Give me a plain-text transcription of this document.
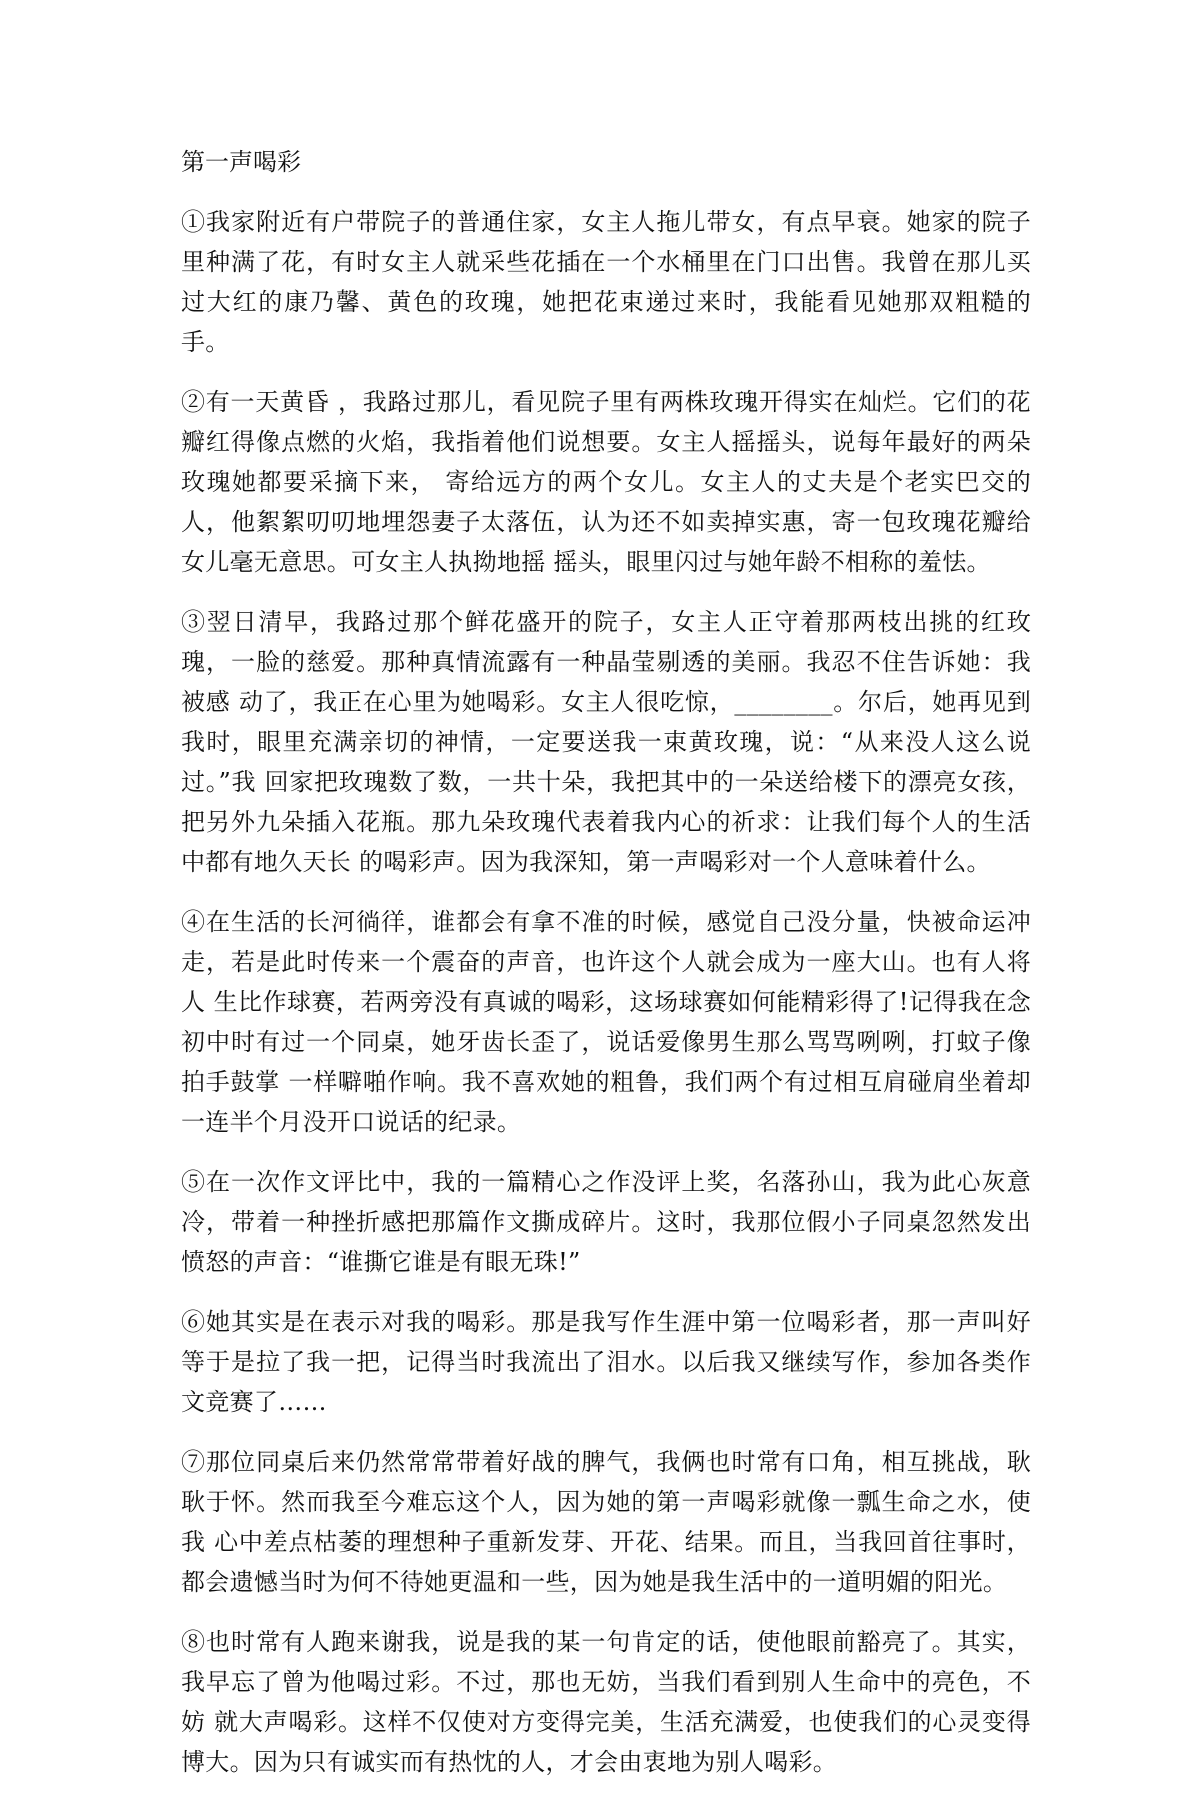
第一声喝彩

①我家附近有户带院子的普通住家，女主人拖儿带女，有点早衰。她家的院子里种满了花，有时女主人就采些花插在一个水桶里在门口出售。我曾在那儿买过大红的康乃馨、黄色的玫瑰，她把花束递过来时，我能看见她那双粗糙的手。

②有一天黄昏 ，我路过那儿，看见院子里有两株玫瑰开得实在灿烂。它们的花瓣红得像点燃的火焰，我指着他们说想要。女主人摇摇头，说每年最好的两朵玫瑰她都要采摘下来， 寄给远方的两个女儿。女主人的丈夫是个老实巴交的人，他絮絮叨叨地埋怨妻子太落伍，认为还不如卖掉实惠，寄一包玫瑰花瓣给女儿毫无意思。可女主人执拗地摇 摇头，眼里闪过与她年龄不相称的羞怯。

③翌日清早，我路过那个鲜花盛开的院子，女主人正守着那两枝出挑的红玫瑰，一脸的慈爱。那种真情流露有一种晶莹剔透的美丽。我忍不住告诉她：我被感 动了，我正在心里为她喝彩。女主人很吃惊，________。尔后，她再见到我时，眼里充满亲切的神情，一定要送我一束黄玫瑰，说：“从来没人这么说过。”我 回家把玫瑰数了数，一共十朵，我把其中的一朵送给楼下的漂亮女孩，把另外九朵插入花瓶。那九朵玫瑰代表着我内心的祈求：让我们每个人的生活中都有地久天长 的喝彩声。因为我深知，第一声喝彩对一个人意味着什么。

④在生活的长河徜徉，谁都会有拿不准的时候，感觉自己没分量，快被命运冲走，若是此时传来一个震奋的声音，也许这个人就会成为一座大山。也有人将人 生比作球赛，若两旁没有真诚的喝彩，这场球赛如何能精彩得了!记得我在念初中时有过一个同桌，她牙齿长歪了，说话爱像男生那么骂骂咧咧，打蚊子像拍手鼓掌 一样噼啪作响。我不喜欢她的粗鲁，我们两个有过相互肩碰肩坐着却一连半个月没开口说话的纪录。

⑤在一次作文评比中，我的一篇精心之作没评上奖，名落孙山，我为此心灰意冷，带着一种挫折感把那篇作文撕成碎片。这时，我那位假小子同桌忽然发出愤怒的声音：“谁撕它谁是有眼无珠!”

⑥她其实是在表示对我的喝彩。那是我写作生涯中第一位喝彩者，那一声叫好等于是拉了我一把，记得当时我流出了泪水。以后我又继续写作，参加各类作文竞赛了……

⑦那位同桌后来仍然常常带着好战的脾气，我俩也时常有口角，相互挑战，耿耿于怀。然而我至今难忘这个人，因为她的第一声喝彩就像一瓢生命之水，使我 心中差点枯萎的理想种子重新发芽、开花、结果。而且，当我回首往事时，都会遗憾当时为何不待她更温和一些，因为她是我生活中的一道明媚的阳光。

⑧也时常有人跑来谢我，说是我的某一句肯定的话，使他眼前豁亮了。其实，我早忘了曾为他喝过彩。不过，那也无妨，当我们看到别人生命中的亮色，不妨 就大声喝彩。这样不仅使对方变得完美，生活充满爱，也使我们的心灵变得博大。因为只有诚实而有热忱的人，才会由衷地为别人喝彩。
